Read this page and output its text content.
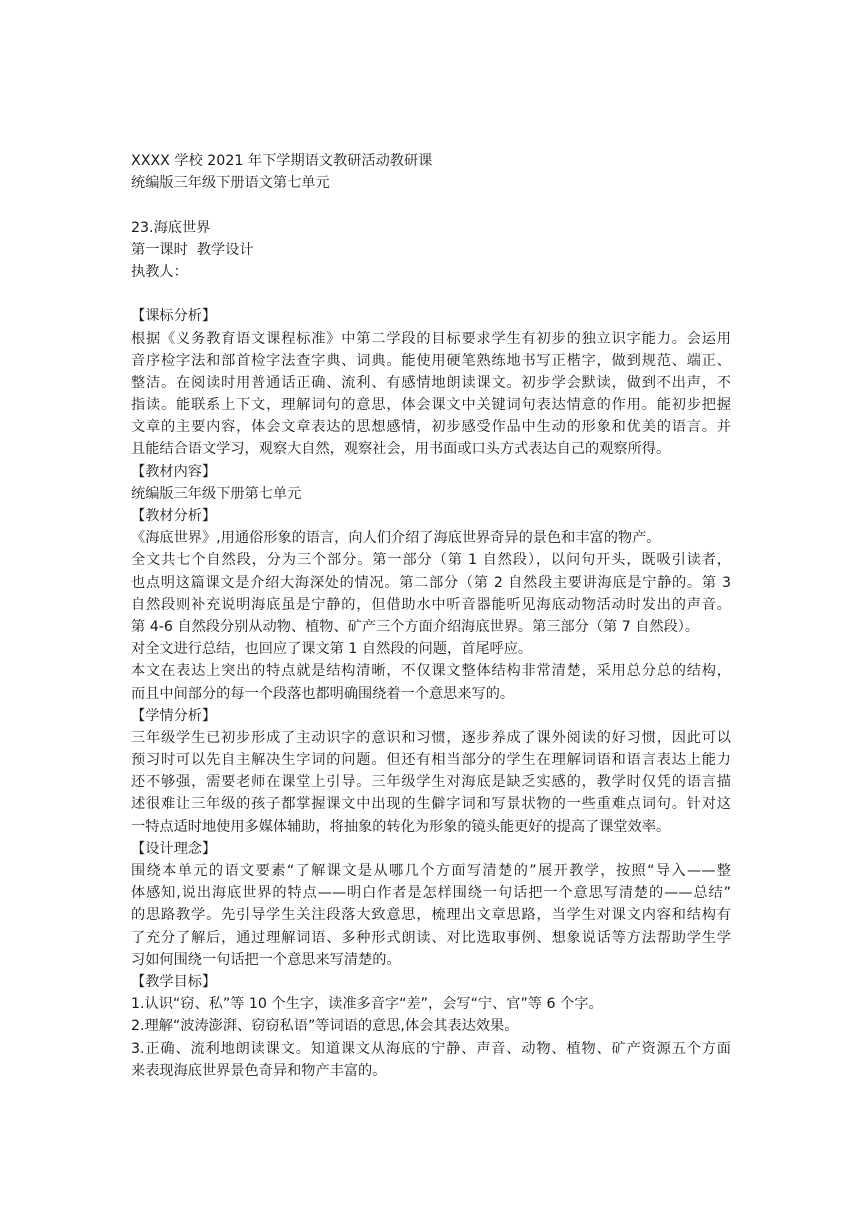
XXXX 学校 2021 年下学期语文教研活动教研课
统编版三年级下册语文第七单元
23.海底世界
第一课时  教学设计
执教人：
【课标分析】
根据《义务教育语文课程标准》中第二学段的目标要求学生有初步的独立识字能力。会运用
音序检字法和部首检字法查字典、词典。能使用硬笔熟练地书写正楷字，做到规范、端正、
整洁。在阅读时用普通话正确、流利、有感情地朗读课文。初步学会默读，做到不出声，不
指读。能联系上下文，理解词句的意思，体会课文中关键词句表达情意的作用。能初步把握
文章的主要内容，体会文章表达的思想感情，初步感受作品中生动的形象和优美的语言。并
且能结合语文学习，观察大自然，观察社会，用书面或口头方式表达自己的观察所得。
【教材内容】
统编版三年级下册第七单元
【教材分析】
《海底世界》,用通俗形象的语言，向人们介绍了海底世界奇异的景色和丰富的物产。
全文共七个自然段，分为三个部分。第一部分（第 1 自然段），以问句开头，既吸引读者，
也点明这篇课文是介绍大海深处的情况。第二部分（第 2 自然段主要讲海底是宁静的。第 3
自然段则补充说明海底虽是宁静的，但借助水中听音器能听见海底动物活动时发出的声音。
第 4-6 自然段分别从动物、植物、矿产三个方面介绍海底世界。第三部分（第 7 自然段）。
对全文进行总结，也回应了课文第 1 自然段的问题，首尾呼应。
本文在表达上突出的特点就是结构清晰，不仅课文整体结构非常清楚，采用总分总的结构，
而且中间部分的每一个段落也都明确围绕着一个意思来写的。
【学情分析】
三年级学生已初步形成了主动识字的意识和习惯，逐步养成了课外阅读的好习惯，因此可以
预习时可以先自主解决生字词的问题。但还有相当部分的学生在理解词语和语言表达上能力
还不够强，需要老师在课堂上引导。三年级学生对海底是缺乏实感的，教学时仅凭的语言描
述很难让三年级的孩子都掌握课文中出现的生僻字词和写景状物的一些重难点词句。针对这
一特点适时地使用多媒体辅助，将抽象的转化为形象的镜头能更好的提高了课堂效率。
【设计理念】
围绕本单元的语文要素“了解课文是从哪几个方面写清楚的”展开教学，按照“导入——整
体感知,说出海底世界的特点——明白作者是怎样围绕一句话把一个意思写清楚的——总结”
的思路教学。先引导学生关注段落大致意思，梳理出文章思路，当学生对课文内容和结构有
了充分了解后，通过理解词语、多种形式朗读、对比选取事例、想象说话等方法帮助学生学
习如何围绕一句话把一个意思来写清楚的。
【教学目标】
1.认识“窃、私”等 10 个生字，读准多音字“差”，会写“宁、官”等 6 个字。
2.理解“波涛澎湃、窃窃私语”等词语的意思,体会其表达效果。
3.正确、流利地朗读课文。知道课文从海底的宁静、声音、动物、植物、矿产资源五个方面
来表现海底世界景色奇异和物产丰富的。
